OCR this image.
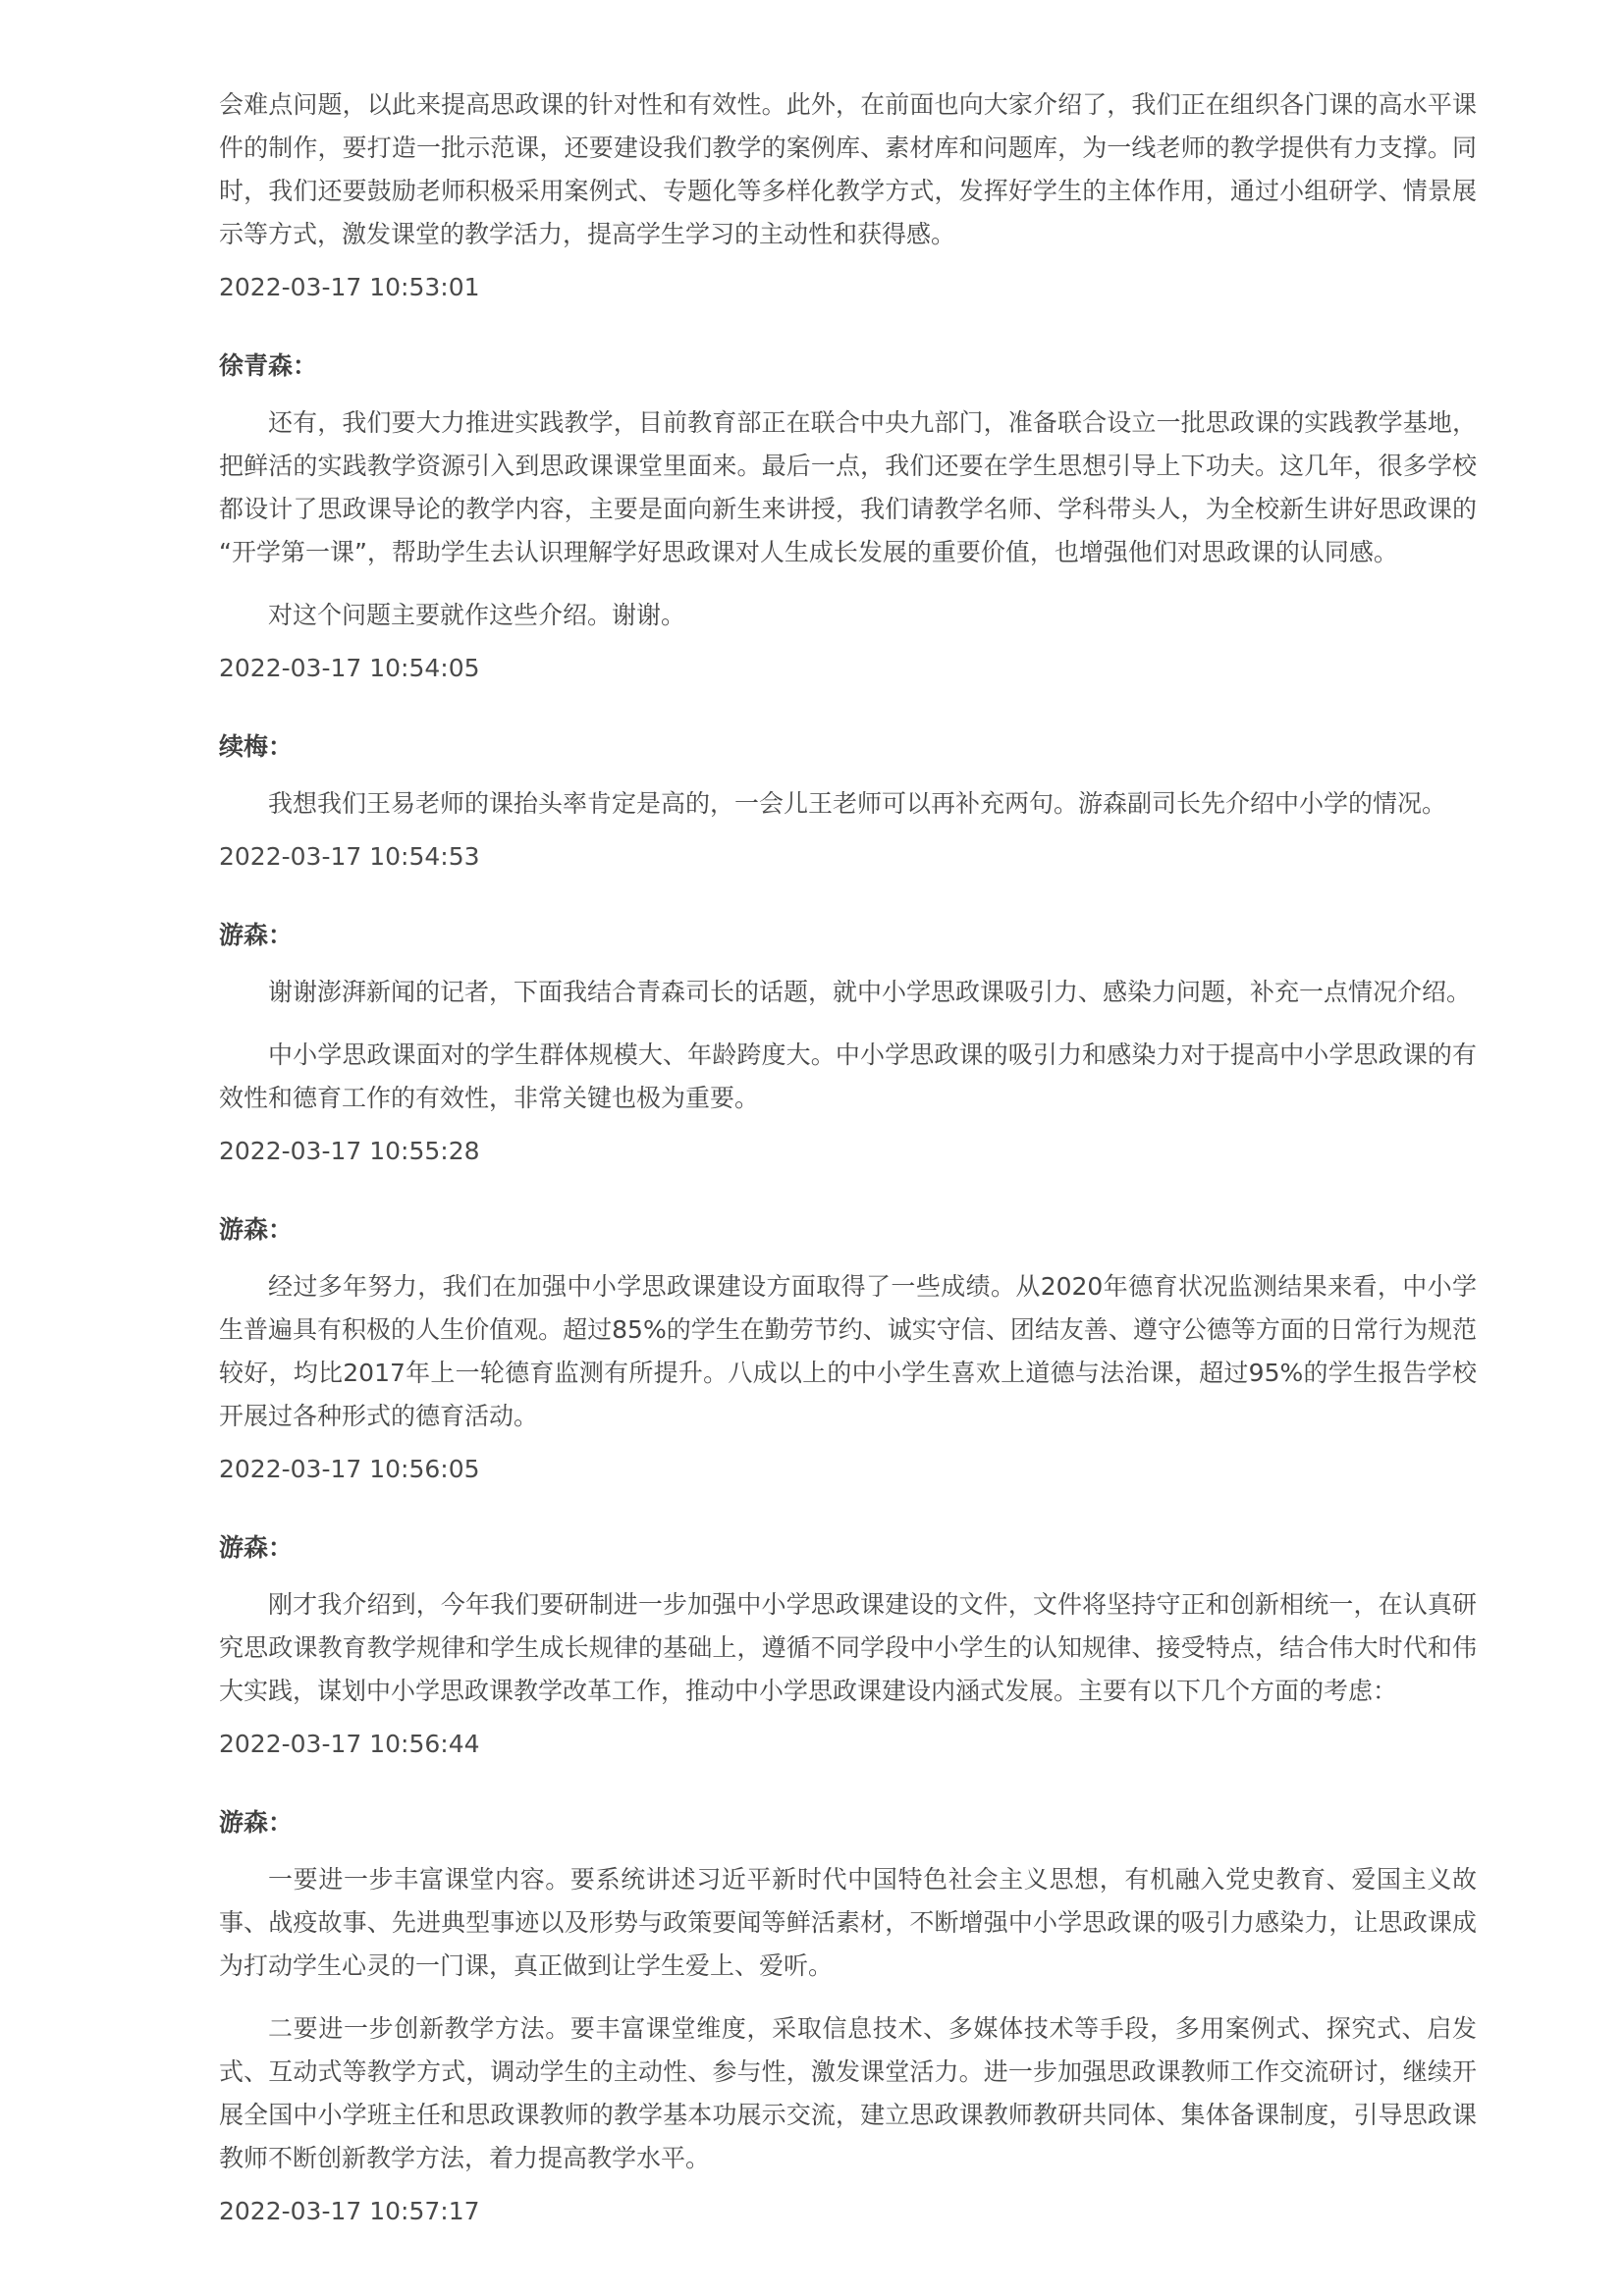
会难点问题，以此来提高思政课的针对性和有效性。此外，在前面也向大家介绍了，我们正在组织各门课的高水平课件的制作，要打造一批示范课，还要建设我们教学的案例库、素材库和问题库，为一线老师的教学提供有力支撑。同时，我们还要鼓励老师积极采用案例式、专题化等多样化教学方式，发挥好学生的主体作用，通过小组研学、情景展示等方式，激发课堂的教学活力，提高学生学习的主动性和获得感。

2022-03-17 10:53:01
徐青森：

还有，我们要大力推进实践教学，目前教育部正在联合中央九部门，准备联合设立一批思政课的实践教学基地，把鲜活的实践教学资源引入到思政课课堂里面来。最后一点，我们还要在学生思想引导上下功夫。这几年，很多学校都设计了思政课导论的教学内容，主要是面向新生来讲授，我们请教学名师、学科带头人，为全校新生讲好思政课的“开学第一课”，帮助学生去认识理解学好思政课对人生成长发展的重要价值，也增强他们对思政课的认同感。

对这个问题主要就作这些介绍。谢谢。

2022-03-17 10:54:05
续梅：

我想我们王易老师的课抬头率肯定是高的，一会儿王老师可以再补充两句。游森副司长先介绍中小学的情况。

2022-03-17 10:54:53
游森：

谢谢澎湃新闻的记者，下面我结合青森司长的话题，就中小学思政课吸引力、感染力问题，补充一点情况介绍。

中小学思政课面对的学生群体规模大、年龄跨度大。中小学思政课的吸引力和感染力对于提高中小学思政课的有效性和德育工作的有效性，非常关键也极为重要。

2022-03-17 10:55:28
游森：

经过多年努力，我们在加强中小学思政课建设方面取得了一些成绩。从2020年德育状况监测结果来看，中小学生普遍具有积极的人生价值观。超过85%的学生在勤劳节约、诚实守信、团结友善、遵守公德等方面的日常行为规范较好，均比2017年上一轮德育监测有所提升。八成以上的中小学生喜欢上道德与法治课，超过95%的学生报告学校开展过各种形式的德育活动。

2022-03-17 10:56:05
游森：

刚才我介绍到，今年我们要研制进一步加强中小学思政课建设的文件，文件将坚持守正和创新相统一，在认真研究思政课教育教学规律和学生成长规律的基础上，遵循不同学段中小学生的认知规律、接受特点，结合伟大时代和伟大实践，谋划中小学思政课教学改革工作，推动中小学思政课建设内涵式发展。主要有以下几个方面的考虑：

2022-03-17 10:56:44
游森：

一要进一步丰富课堂内容。要系统讲述习近平新时代中国特色社会主义思想，有机融入党史教育、爱国主义故事、战疫故事、先进典型事迹以及形势与政策要闻等鲜活素材，不断增强中小学思政课的吸引力感染力，让思政课成为打动学生心灵的一门课，真正做到让学生爱上、爱听。

二要进一步创新教学方法。要丰富课堂维度，采取信息技术、多媒体技术等手段，多用案例式、探究式、启发式、互动式等教学方式，调动学生的主动性、参与性，激发课堂活力。进一步加强思政课教师工作交流研讨，继续开展全国中小学班主任和思政课教师的教学基本功展示交流，建立思政课教师教研共同体、集体备课制度，引导思政课教师不断创新教学方法，着力提高教学水平。

2022-03-17 10:57:17
